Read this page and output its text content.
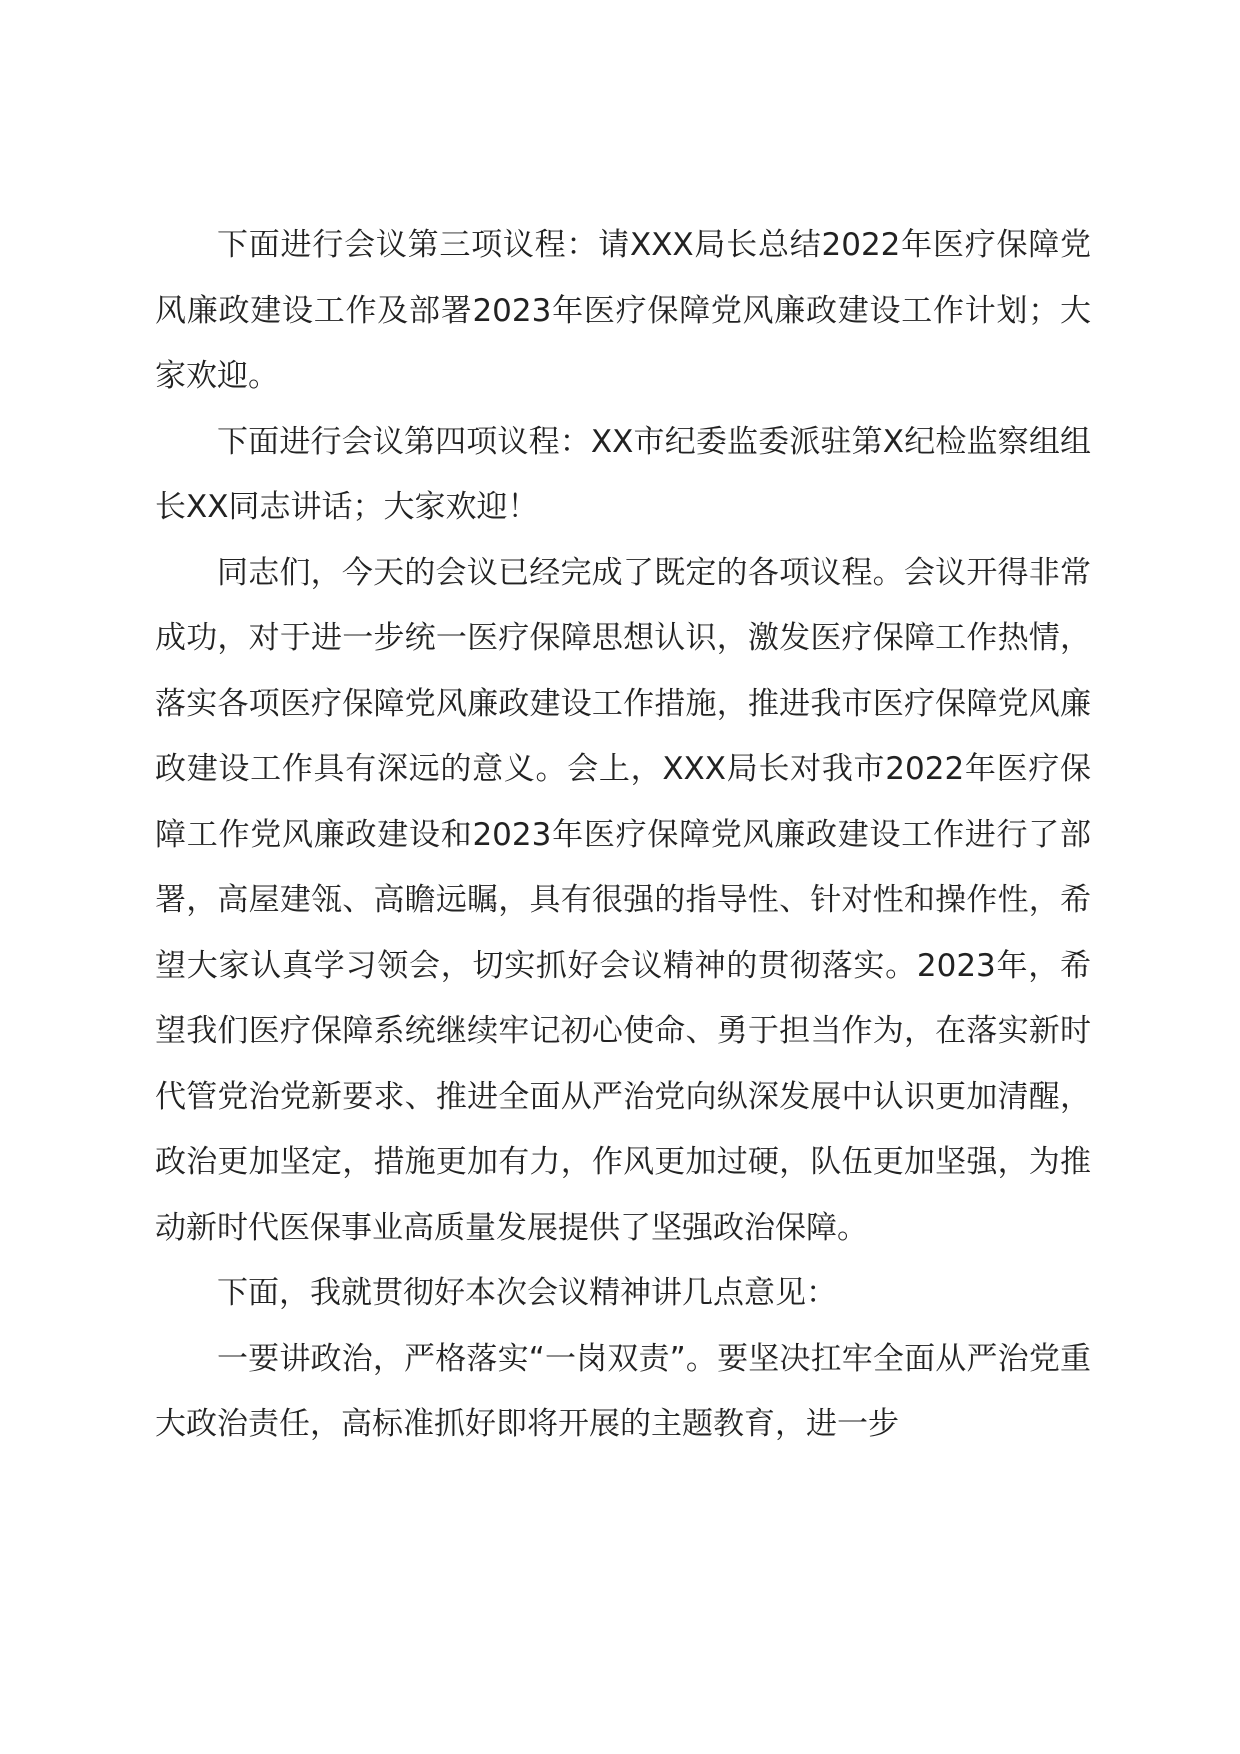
下面进行会议第三项议程：请XXX局长总结2022年医疗保障党风廉政建设工作及部署2023年医疗保障党风廉政建设工作计划；大家欢迎。

下面进行会议第四项议程：XX市纪委监委派驻第X纪检监察组组长XX同志讲话；大家欢迎！

同志们，今天的会议已经完成了既定的各项议程。会议开得非常成功，对于进一步统一医疗保障思想认识，激发医疗保障工作热情，落实各项医疗保障党风廉政建设工作措施，推进我市医疗保障党风廉政建设工作具有深远的意义。会上，XXX局长对我市2022年医疗保障工作党风廉政建设和2023年医疗保障党风廉政建设工作进行了部署，高屋建瓴、高瞻远瞩，具有很强的指导性、针对性和操作性，希望大家认真学习领会，切实抓好会议精神的贯彻落实。2023年，希望我们医疗保障系统继续牢记初心使命、勇于担当作为，在落实新时代管党治党新要求、推进全面从严治党向纵深发展中认识更加清醒，政治更加坚定，措施更加有力，作风更加过硬，队伍更加坚强，为推动新时代医保事业高质量发展提供了坚强政治保障。

下面，我就贯彻好本次会议精神讲几点意见：

一要讲政治，严格落实“一岗双责”。要坚决扛牢全面从严治党重大政治责任，高标准抓好即将开展的主题教育，进一步
